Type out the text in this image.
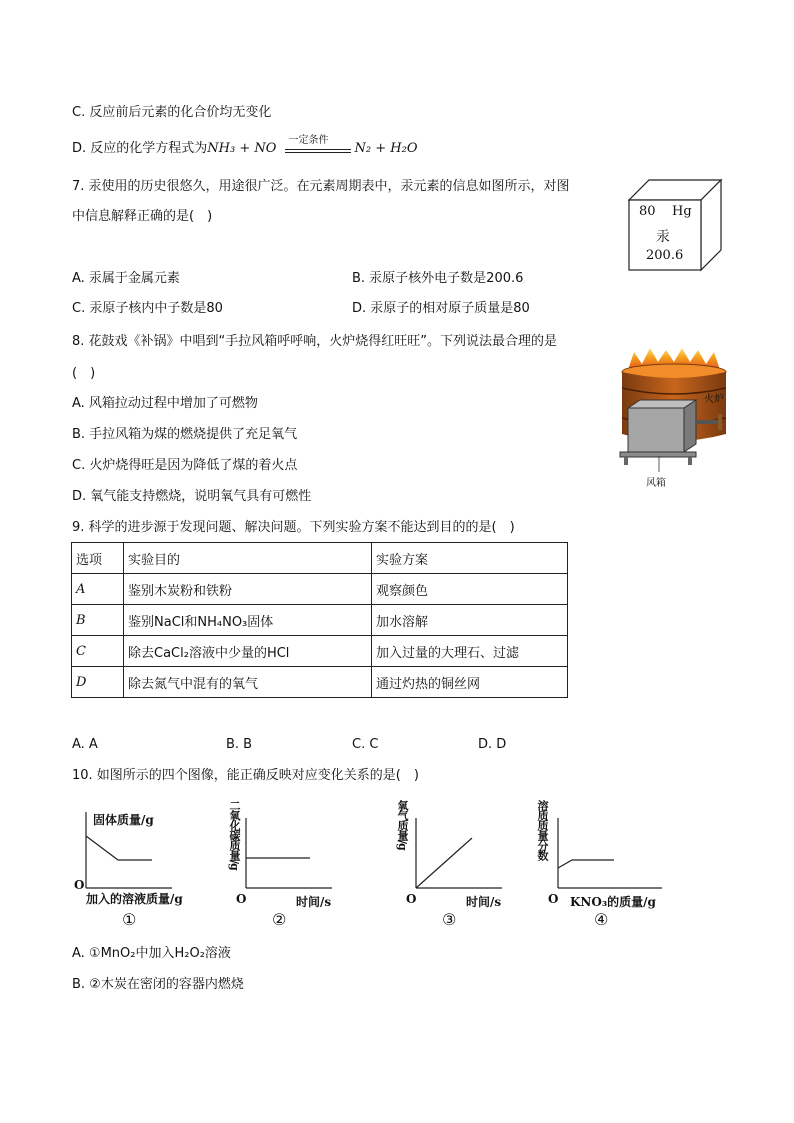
C. 反应前后元素的化合价均无变化
D. 反应的化学方程式为NH₃ + NO
一定条件
N₂ + H₂O
7. 汞使用的历史很悠久，用途很广泛。在元素周期表中，汞元素的信息如图所示，对图
中信息解释正确的是(　)	80 Hg
汞
200.6
A. 汞属于金属元素	B. 汞原子核外电子数是200.6
C. 汞原子核内中子数是80	D. 汞原子的相对原子质量是80
8. 花鼓戏《补锅》中唱到“手拉风箱呼呼响，火炉烧得红旺旺”。下列说法最合理的是
(　)
A. 风箱拉动过程中增加了可燃物
B. 手拉风箱为煤的燃烧提供了充足氧气
C. 火炉烧得旺是因为降低了煤的着火点
D. 氧气能支持燃烧，说明氧气具有可燃性
火炉
风箱
9. 科学的进步源于发现问题、解决问题。下列实验方案不能达到目的的是(　)
选项	实验目的	实验方案
A	鉴别木炭粉和铁粉	观察颜色
B	鉴别NaCl和NH₄NO₃固体	加水溶解
C	除去CaCl₂溶液中少量的HCl	加入过量的大理石、过滤
D	除去氮气中混有的氧气	通过灼热的铜丝网
A. A	B. B	C. C	D. D
10. 如图所示的四个图像，能正确反映对应变化关系的是(　)
固体质量/g
O
加入的溶液质量/g
①
二氧化碳质量/g
O	时间/s
氧气质量/g
O	时间/s
溶质质量分数
O KNO₃的质量/g
②	③	④
A. ①MnO₂中加入H₂O₂溶液
B. ②木炭在密闭的容器内燃烧
